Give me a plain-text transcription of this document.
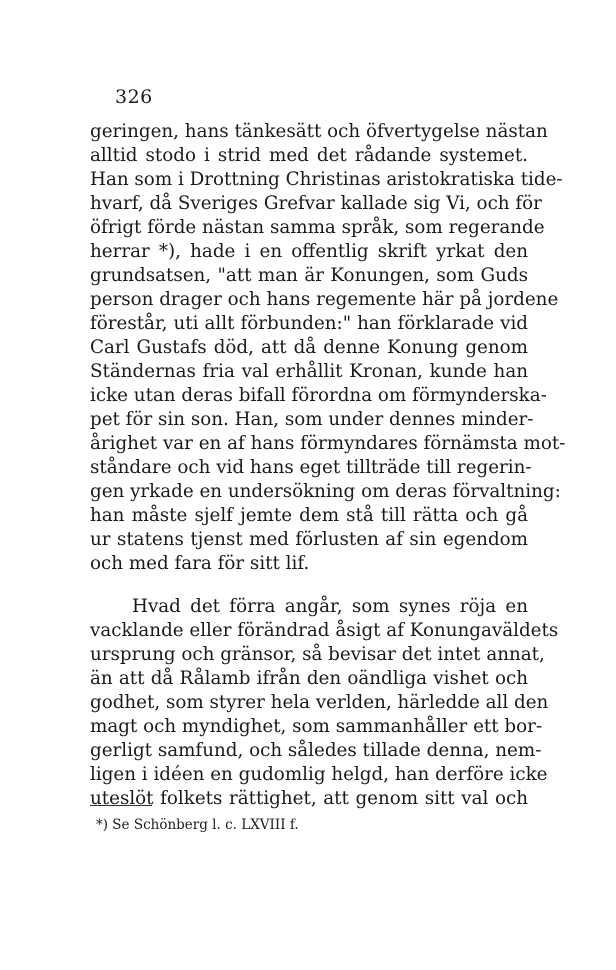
326
geringen, hans tänkesätt och öfvertygelse nästan
alltid stodo i strid med det rådande systemet.
Han som i Drottning Christinas aristokratiska tide-
hvarf, då Sveriges Grefvar kallade sig Vi, och för
öfrigt förde nästan samma språk, som regerande
herrar *), hade i en offentlig skrift yrkat den
grundsatsen, "att man är Konungen, som Guds
person drager och hans regemente här på jordene
förestår, uti allt förbunden:" han förklarade vid
Carl Gustafs död, att då denne Konung genom
Ständernas fria val erhållit Kronan, kunde han
icke utan deras bifall förordna om förmynderska-
pet för sin son. Han, som under dennes minder-
årighet var en af hans förmyndares förnämsta mot-
ståndare och vid hans eget tillträde till regerin-
gen yrkade en undersökning om deras förvaltning:
han måste sjelf jemte dem stå till rätta och gå
ur statens tjenst med förlusten af sin egendom
och med fara för sitt lif.
Hvad det förra angår, som synes röja en
vacklande eller förändrad åsigt af Konungaväldets
ursprung och gränsor, så bevisar det intet annat,
än att då Rålamb ifrån den oändliga vishet och
godhet, som styrer hela verlden, härledde all den
magt och myndighet, som sammanhåller ett bor-
gerligt samfund, och således tillade denna, nem-
ligen i idéen en gudomlig helgd, han derföre icke
uteslöt folkets rättighet, att genom sitt val och
*) Se Schönberg l. c. LXVIII f.
